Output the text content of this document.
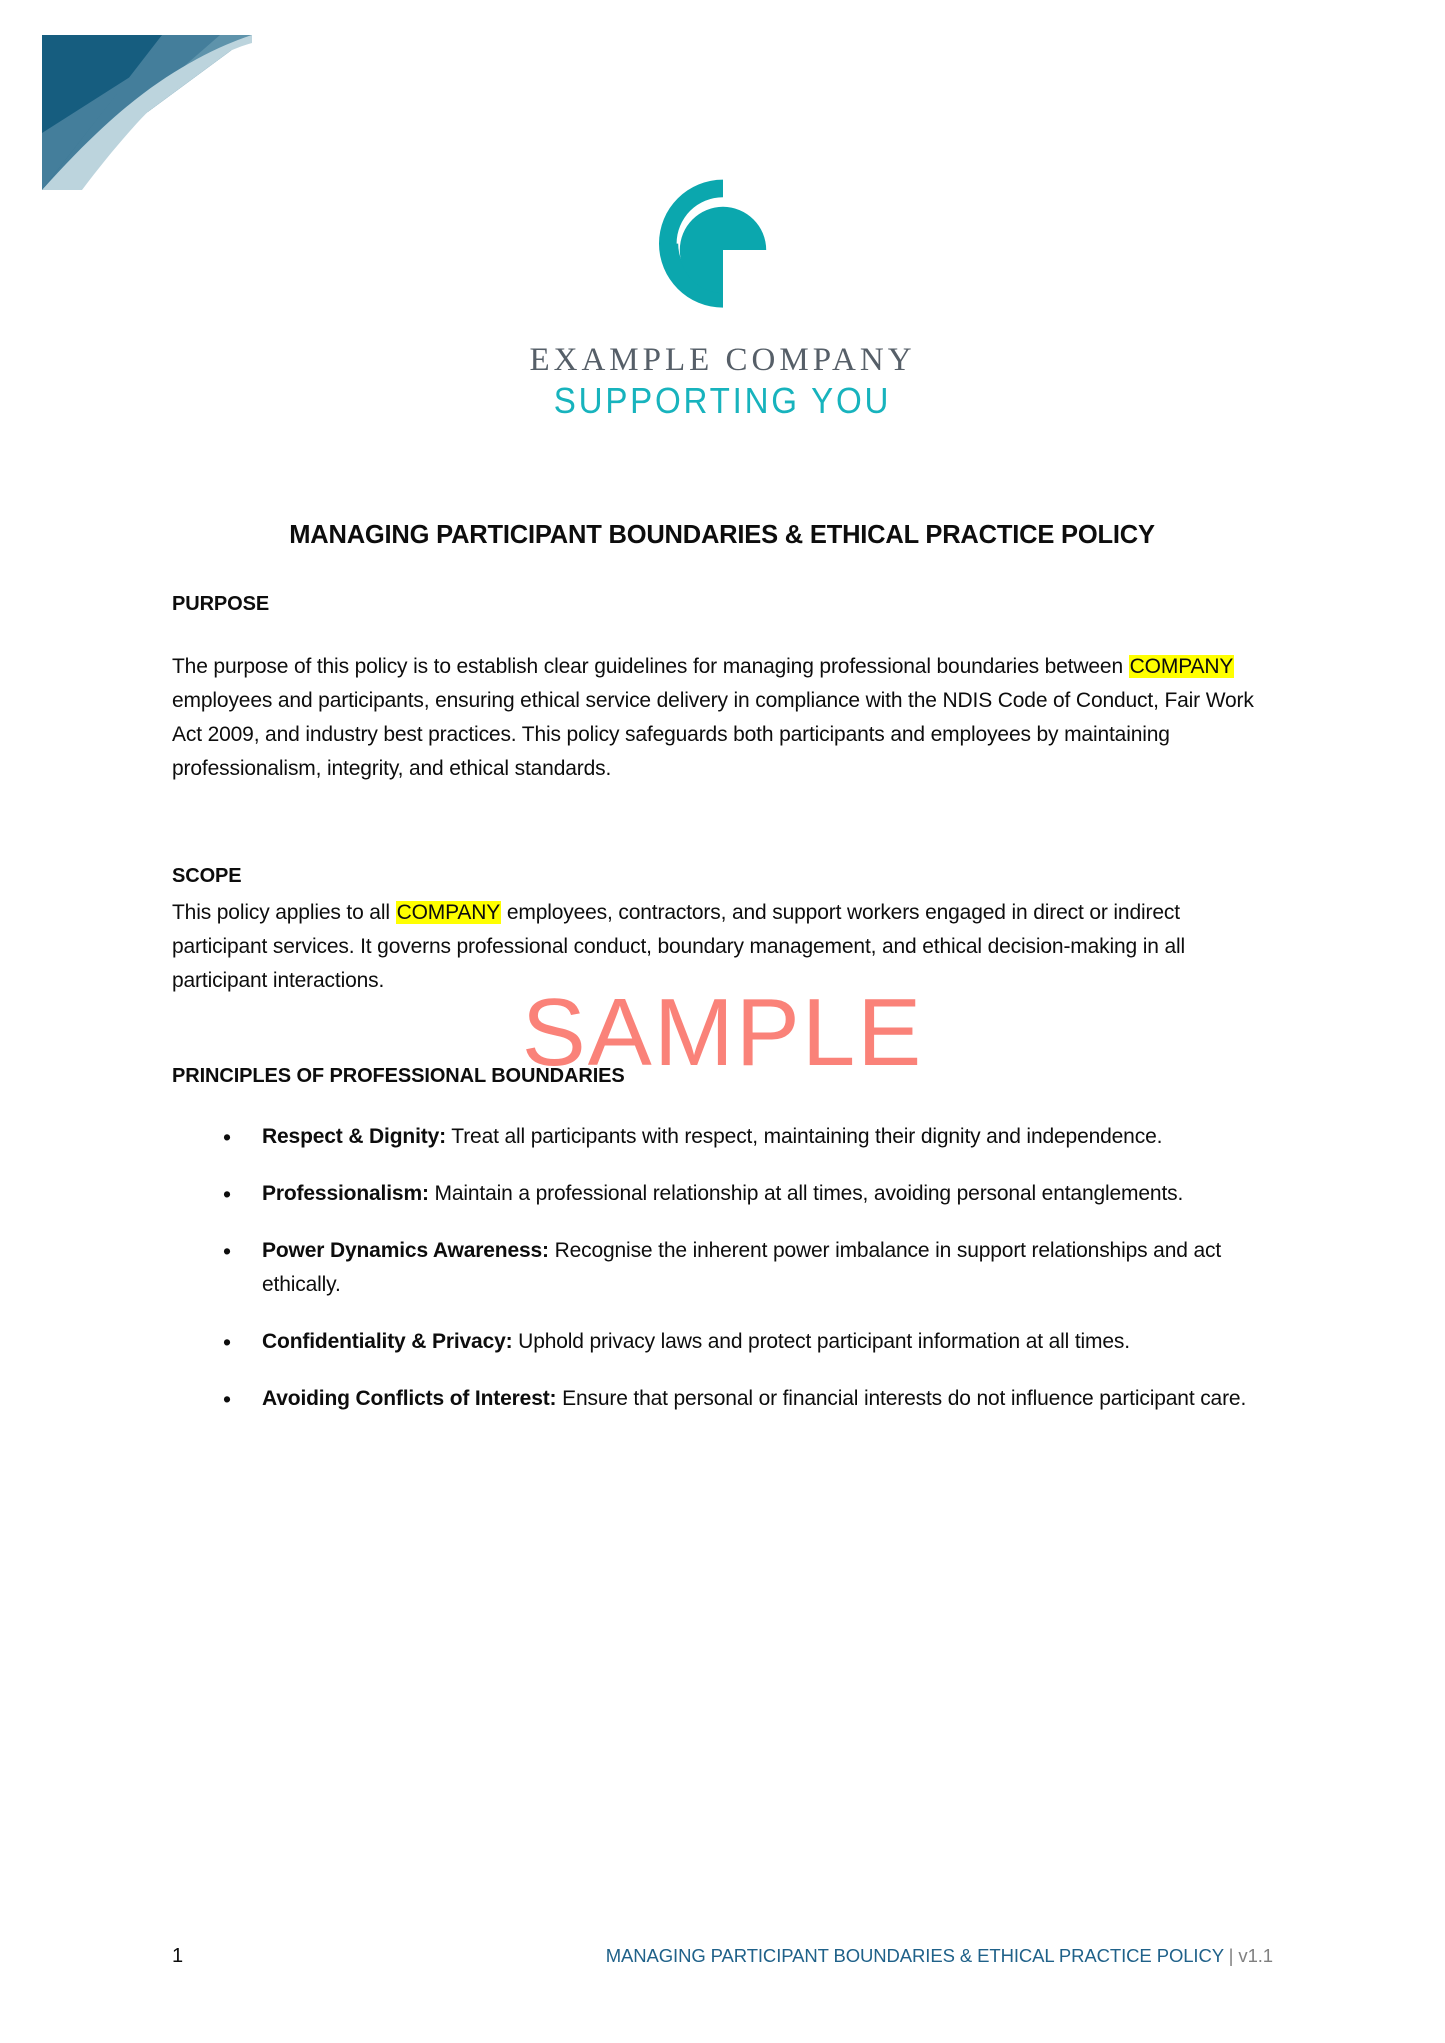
EXAMPLE COMPANY
SUPPORTING YOU
MANAGING PARTICIPANT BOUNDARIES & ETHICAL PRACTICE POLICY
PURPOSE

The purpose of this policy is to establish clear guidelines for managing professional boundaries between COMPANY employees and participants, ensuring ethical service delivery in compliance with the NDIS Code of Conduct, Fair Work Act 2009, and industry best practices. This policy safeguards both participants and employees by maintaining professionalism, integrity, and ethical standards.

SCOPE

This policy applies to all COMPANY employees, contractors, and support workers engaged in direct or indirect participant services. It governs professional conduct, boundary management, and ethical decision-making in all participant interactions.

PRINCIPLES OF PROFESSIONAL BOUNDARIES
• Respect & Dignity: Treat all participants with respect, maintaining their dignity and independence.
• Professionalism: Maintain a professional relationship at all times, avoiding personal entanglements.
• Power Dynamics Awareness: Recognise the inherent power imbalance in support relationships and act ethically.
• Confidentiality & Privacy: Uphold privacy laws and protect participant information at all times.
• Avoiding Conflicts of Interest: Ensure that personal or financial interests do not influence participant care.
SAMPLE
1	MANAGING PARTICIPANT BOUNDARIES & ETHICAL PRACTICE POLICY | v1.1
